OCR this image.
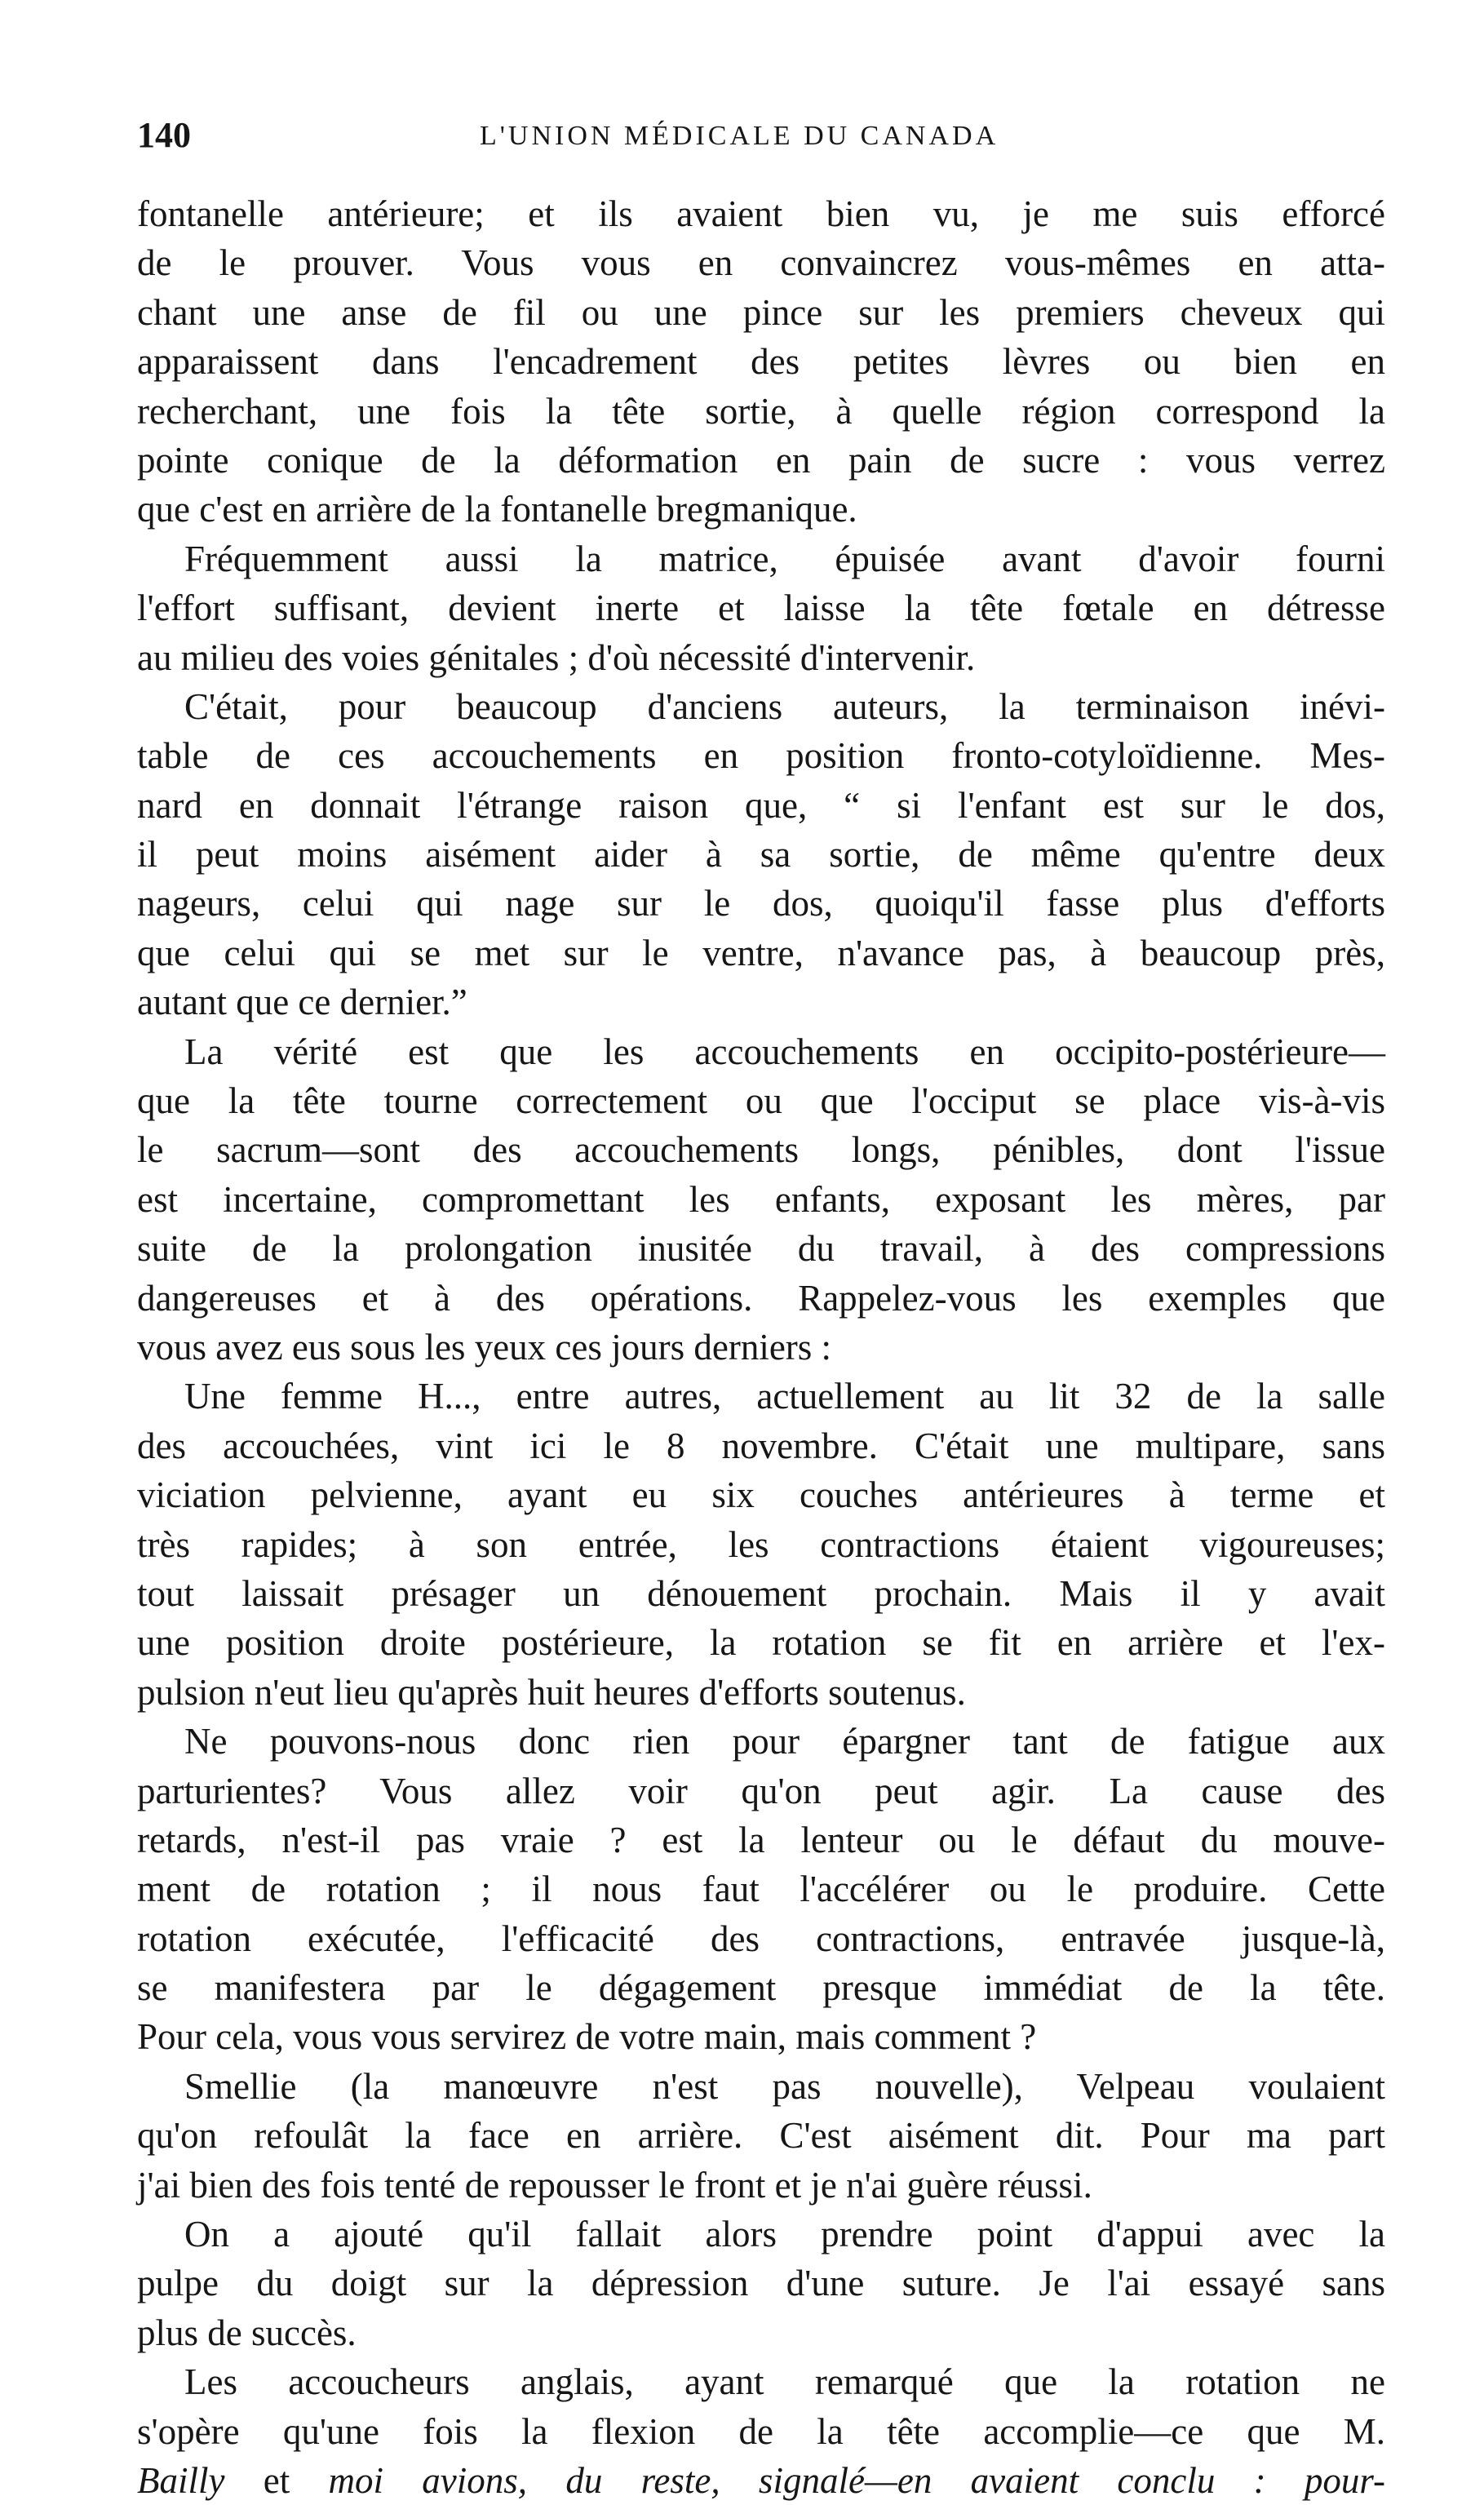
140	L'UNION MÉDICALE DU CANADA

fontanelle antérieure; et ils avaient bien vu, je me suis efforcé
de le prouver. Vous vous en convaincrez vous-mêmes en atta-
chant une anse de fil ou une pince sur les premiers cheveux qui
apparaissent dans l'encadrement des petites lèvres ou bien en
recherchant, une fois la tête sortie, à quelle région correspond la
pointe conique de la déformation en pain de sucre : vous verrez
que c'est en arrière de la fontanelle bregmanique.

Fréquemment aussi la matrice, épuisée avant d'avoir fourni
l'effort suffisant, devient inerte et laisse la tête fœtale en détresse
au milieu des voies génitales ; d'où nécessité d'intervenir.

C'était, pour beaucoup d'anciens auteurs, la terminaison inévi-
table de ces accouchements en position fronto-cotyloïdienne. Mes-
nard en donnait l'étrange raison que, “ si l'enfant est sur le dos,
il peut moins aisément aider à sa sortie, de même qu'entre deux
nageurs, celui qui nage sur le dos, quoiqu'il fasse plus d'efforts
que celui qui se met sur le ventre, n'avance pas, à beaucoup près,
autant que ce dernier.”

La vérité est que les accouchements en occipito-postérieure—
que la tête tourne correctement ou que l'occiput se place vis-à-vis
le sacrum—sont des accouchements longs, pénibles, dont l'issue
est incertaine, compromettant les enfants, exposant les mères, par
suite de la prolongation inusitée du travail, à des compressions
dangereuses et à des opérations. Rappelez-vous les exemples que
vous avez eus sous les yeux ces jours derniers :

Une femme H..., entre autres, actuellement au lit 32 de la salle
des accouchées, vint ici le 8 novembre. C'était une multipare, sans
viciation pelvienne, ayant eu six couches antérieures à terme et
très rapides; à son entrée, les contractions étaient vigoureuses;
tout laissait présager un dénouement prochain. Mais il y avait
une position droite postérieure, la rotation se fit en arrière et l'ex-
pulsion n'eut lieu qu'après huit heures d'efforts soutenus.

Ne pouvons-nous donc rien pour épargner tant de fatigue aux
parturientes? Vous allez voir qu'on peut agir. La cause des
retards, n'est-il pas vraie ? est la lenteur ou le défaut du mouve-
ment de rotation ; il nous faut l'accélérer ou le produire. Cette
rotation exécutée, l'efficacité des contractions, entravée jusque-là,
se manifestera par le dégagement presque immédiat de la tête.
Pour cela, vous vous servirez de votre main, mais comment ?

Smellie (la manœuvre n'est pas nouvelle), Velpeau voulaient
qu'on refoulât la face en arrière. C'est aisément dit. Pour ma part
j'ai bien des fois tenté de repousser le front et je n'ai guère réussi.

On a ajouté qu'il fallait alors prendre point d'appui avec la
pulpe du doigt sur la dépression d'une suture. Je l'ai essayé sans
plus de succès.

Les accoucheurs anglais, ayant remarqué que la rotation ne
s'opère qu'une fois la flexion de la tête accomplie—ce que M.
Bailly et moi avions, du reste, signalé—en avaient conclu : pour-
